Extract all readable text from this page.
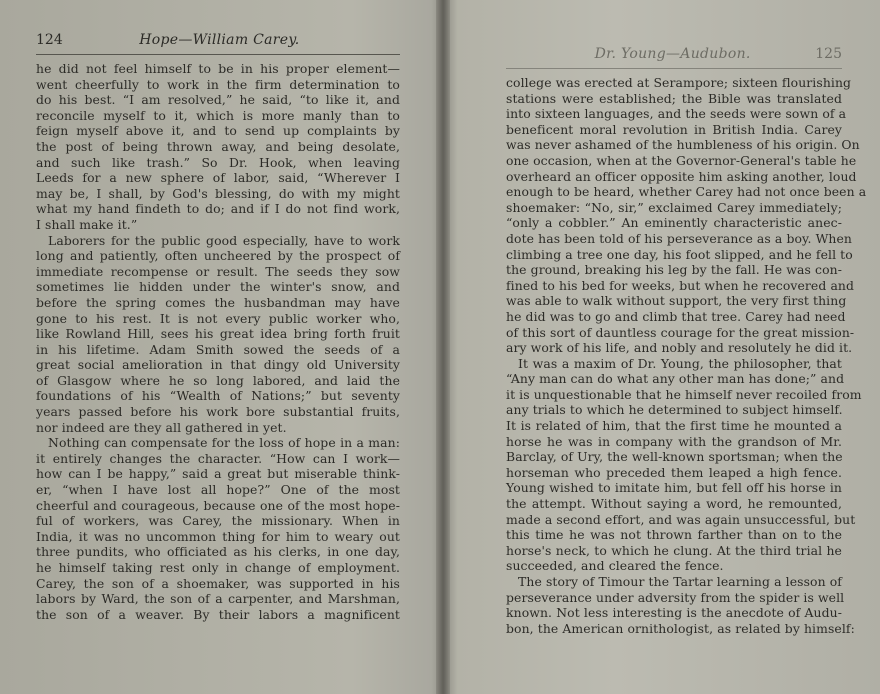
124	Hope—William Carey.
he did not feel himself to be in his proper element—
went cheerfully to work in the firm determination to
do his best. “I am resolved,” he said, “to like it, and
reconcile myself to it, which is more manly than to
feign myself above it, and to send up complaints by
the post of being thrown away, and being desolate,
and such like trash.” So Dr. Hook, when leaving
Leeds for a new sphere of labor, said, “Wherever I
may be, I shall, by God's blessing, do with my might
what my hand findeth to do; and if I do not find work,
I shall make it.”
Laborers for the public good especially, have to work
long and patiently, often uncheered by the prospect of
immediate recompense or result. The seeds they sow
sometimes lie hidden under the winter's snow, and
before the spring comes the husbandman may have
gone to his rest. It is not every public worker who,
like Rowland Hill, sees his great idea bring forth fruit
in his lifetime. Adam Smith sowed the seeds of a
great social amelioration in that dingy old University
of Glasgow where he so long labored, and laid the
foundations of his “Wealth of Nations;” but seventy
years passed before his work bore substantial fruits,
nor indeed are they all gathered in yet.
Nothing can compensate for the loss of hope in a man:
it entirely changes the character. “How can I work—
how can I be happy,” said a great but miserable think-
er, “when I have lost all hope?” One of the most
cheerful and courageous, because one of the most hope-
ful of workers, was Carey, the missionary. When in
India, it was no uncommon thing for him to weary out
three pundits, who officiated as his clerks, in one day,
he himself taking rest only in change of employment.
Carey, the son of a shoemaker, was supported in his
labors by Ward, the son of a carpenter, and Marshman,
the son of a weaver. By their labors a magnificent
Dr. Young—Audubon.	125
college was erected at Serampore; sixteen flourishing
stations were established; the Bible was translated
into sixteen languages, and the seeds were sown of a
beneficent moral revolution in British India. Carey
was never ashamed of the humbleness of his origin. On
one occasion, when at the Governor-General's table he
overheard an officer opposite him asking another, loud
enough to be heard, whether Carey had not once been a
shoemaker: “No, sir,” exclaimed Carey immediately;
“only a cobbler.” An eminently characteristic anec-
dote has been told of his perseverance as a boy. When
climbing a tree one day, his foot slipped, and he fell to
the ground, breaking his leg by the fall. He was con-
fined to his bed for weeks, but when he recovered and
was able to walk without support, the very first thing
he did was to go and climb that tree. Carey had need
of this sort of dauntless courage for the great mission-
ary work of his life, and nobly and resolutely he did it.
It was a maxim of Dr. Young, the philosopher, that
“Any man can do what any other man has done;” and
it is unquestionable that he himself never recoiled from
any trials to which he determined to subject himself.
It is related of him, that the first time he mounted a
horse he was in company with the grandson of Mr.
Barclay, of Ury, the well-known sportsman; when the
horseman who preceded them leaped a high fence.
Young wished to imitate him, but fell off his horse in
the attempt. Without saying a word, he remounted,
made a second effort, and was again unsuccessful, but
this time he was not thrown farther than on to the
horse's neck, to which he clung. At the third trial he
succeeded, and cleared the fence.
The story of Timour the Tartar learning a lesson of
perseverance under adversity from the spider is well
known. Not less interesting is the anecdote of Audu-
bon, the American ornithologist, as related by himself:
